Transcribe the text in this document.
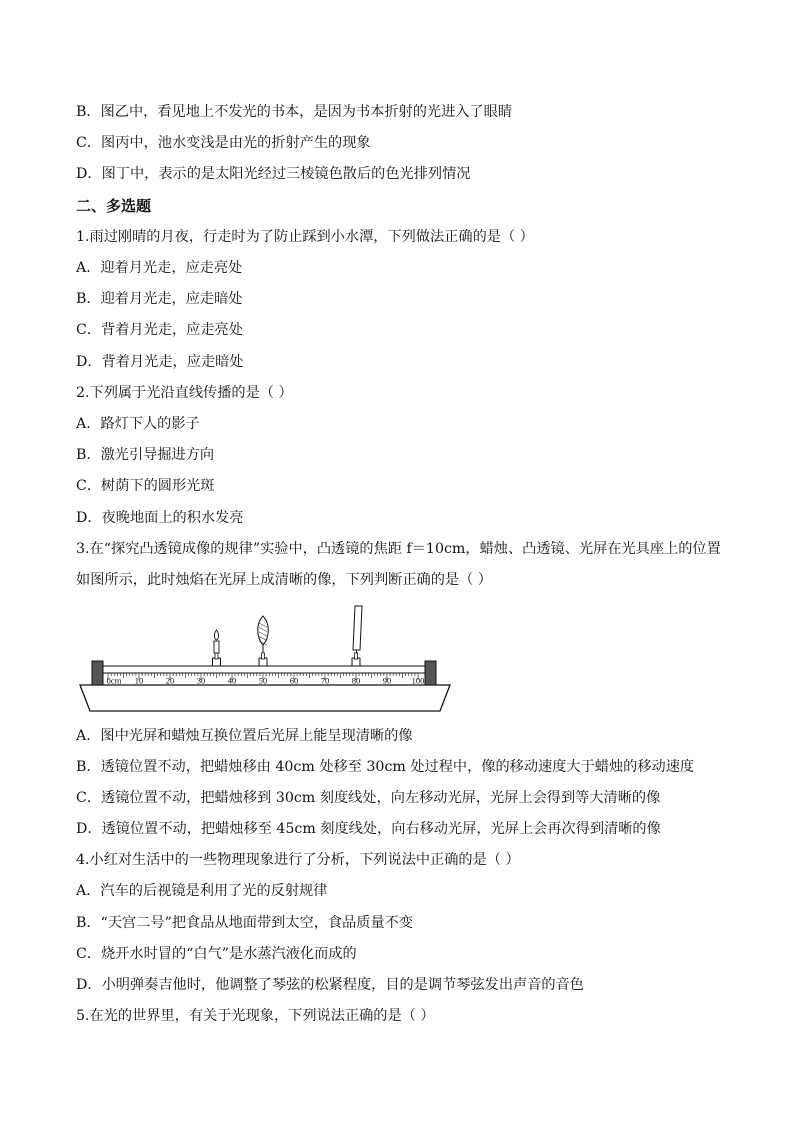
B．图乙中，看见地上不发光的书本，是因为书本折射的光进入了眼睛
C．图丙中，池水变浅是由光的折射产生的现象
D．图丁中，表示的是太阳光经过三棱镜色散后的色光排列情况
二、多选题
1.雨过刚晴的月夜，行走时为了防止踩到小水潭，下列做法正确的是（ ）
A．迎着月光走，应走亮处
B．迎着月光走，应走暗处
C．背着月光走，应走亮处
D．背着月光走，应走暗处
2.下列属于光沿直线传播的是（ ）
A．路灯下人的影子
B．激光引导掘进方向
C．树荫下的圆形光斑
D．夜晚地面上的积水发亮
3.在“探究凸透镜成像的规律”实验中，凸透镜的焦距 f＝10cm，蜡烛、凸透镜、光屏在光具座上的位置
如图所示，此时烛焰在光屏上成清晰的像，下列判断正确的是（ ）
0cm 10	20	30	40	50	60	70	80	90 100
A．图中光屏和蜡烛互换位置后光屏上能呈现清晰的像
B．透镜位置不动，把蜡烛移由 40cm 处移至 30cm 处过程中，像的移动速度大于蜡烛的移动速度
C．透镜位置不动，把蜡烛移到 30cm 刻度线处，向左移动光屏，光屏上会得到等大清晰的像
D．透镜位置不动，把蜡烛移至 45cm 刻度线处，向右移动光屏，光屏上会再次得到清晰的像
4.小红对生活中的一些物理现象进行了分析，下列说法中正确的是（ ）
A．汽车的后视镜是利用了光的反射规律
B．“天宫二号”把食品从地面带到太空，食品质量不变
C．烧开水时冒的“白气”是水蒸汽液化而成的
D．小明弹奏吉他时，他调整了琴弦的松紧程度，目的是调节琴弦发出声音的音色
5.在光的世界里，有关于光现象，下列说法正确的是（ ）
